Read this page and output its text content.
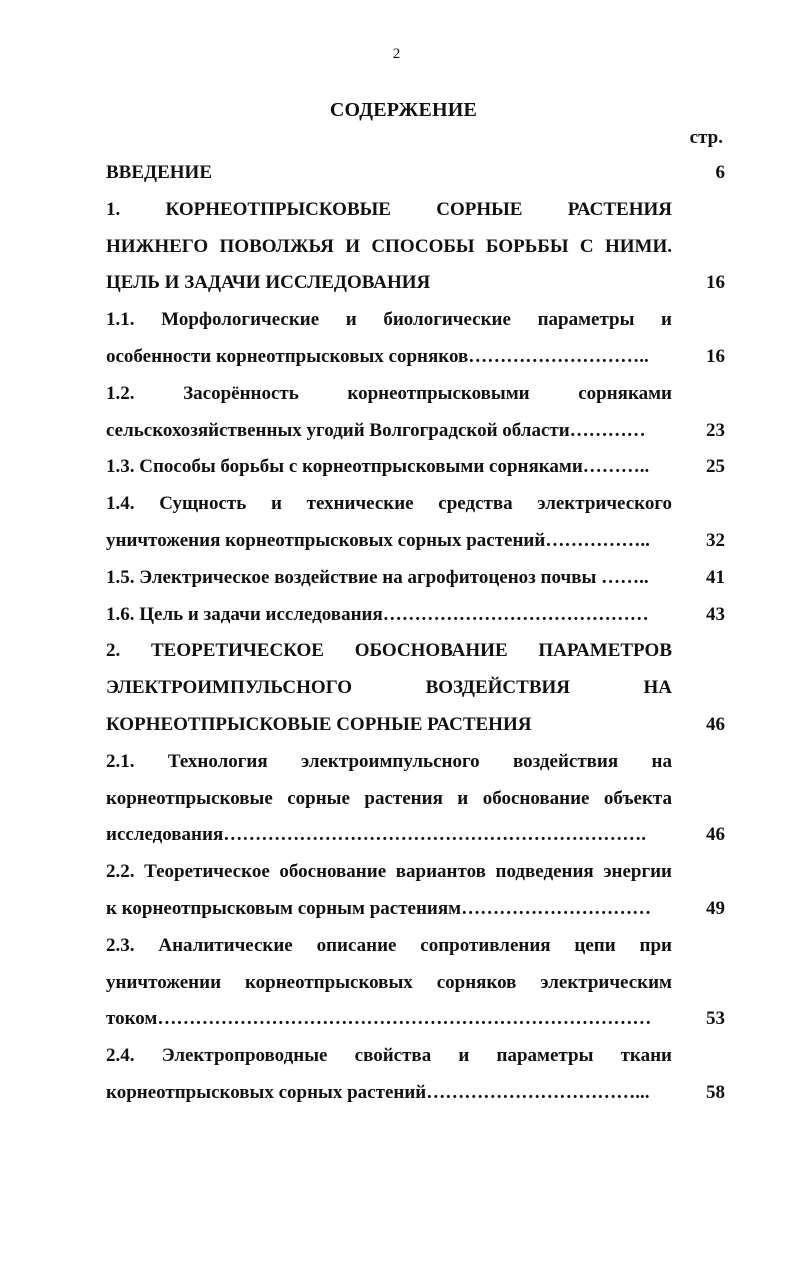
2
СОДЕРЖЕНИЕ
стр.
ВВЕДЕНИЕ	6
1. КОРНЕОТПРЫСКОВЫЕ СОРНЫЕ РАСТЕНИЯ
НИЖНЕГО ПОВОЛЖЬЯ И СПОСОБЫ БОРЬБЫ С НИМИ.
ЦЕЛЬ И ЗАДАЧИ ИССЛЕДОВАНИЯ	16
1.1. Морфологические и биологические параметры и
особенности корнеотпрысковых сорняков………………………..	16
1.2. Засорённость корнеотпрысковыми сорняками
сельскохозяйственных угодий Волгоградской области…………	23
1.3. Способы борьбы с корнеотпрысковыми сорняками………..	25
1.4. Сущность и технические средства электрического
уничтожения корнеотпрысковых сорных растений……………..	32
1.5. Электрическое воздействие на агрофитоценоз почвы ……..	41
1.6. Цель и задачи исследования……………………………………	43
2. ТЕОРЕТИЧЕСКОЕ ОБОСНОВАНИЕ ПАРАМЕТРОВ
ЭЛЕКТРОИМПУЛЬСНОГО ВОЗДЕЙСТВИЯ НА
КОРНЕОТПРЫСКОВЫЕ СОРНЫЕ РАСТЕНИЯ	46
2.1. Технология электроимпульсного воздействия на
корнеотпрысковые сорные растения и обоснование объекта
исследования………………………………………………………….	46
2.2. Теоретическое обоснование вариантов подведения энергии
к корнеотпрысковым сорным растениям…………………………	49
2.3. Аналитические описание сопротивления цепи при
уничтожении корнеотпрысковых сорняков электрическим
током……………………………………………………………………	53
2.4. Электропроводные свойства и параметры ткани
корнеотпрысковых сорных растений……………………………...	58
